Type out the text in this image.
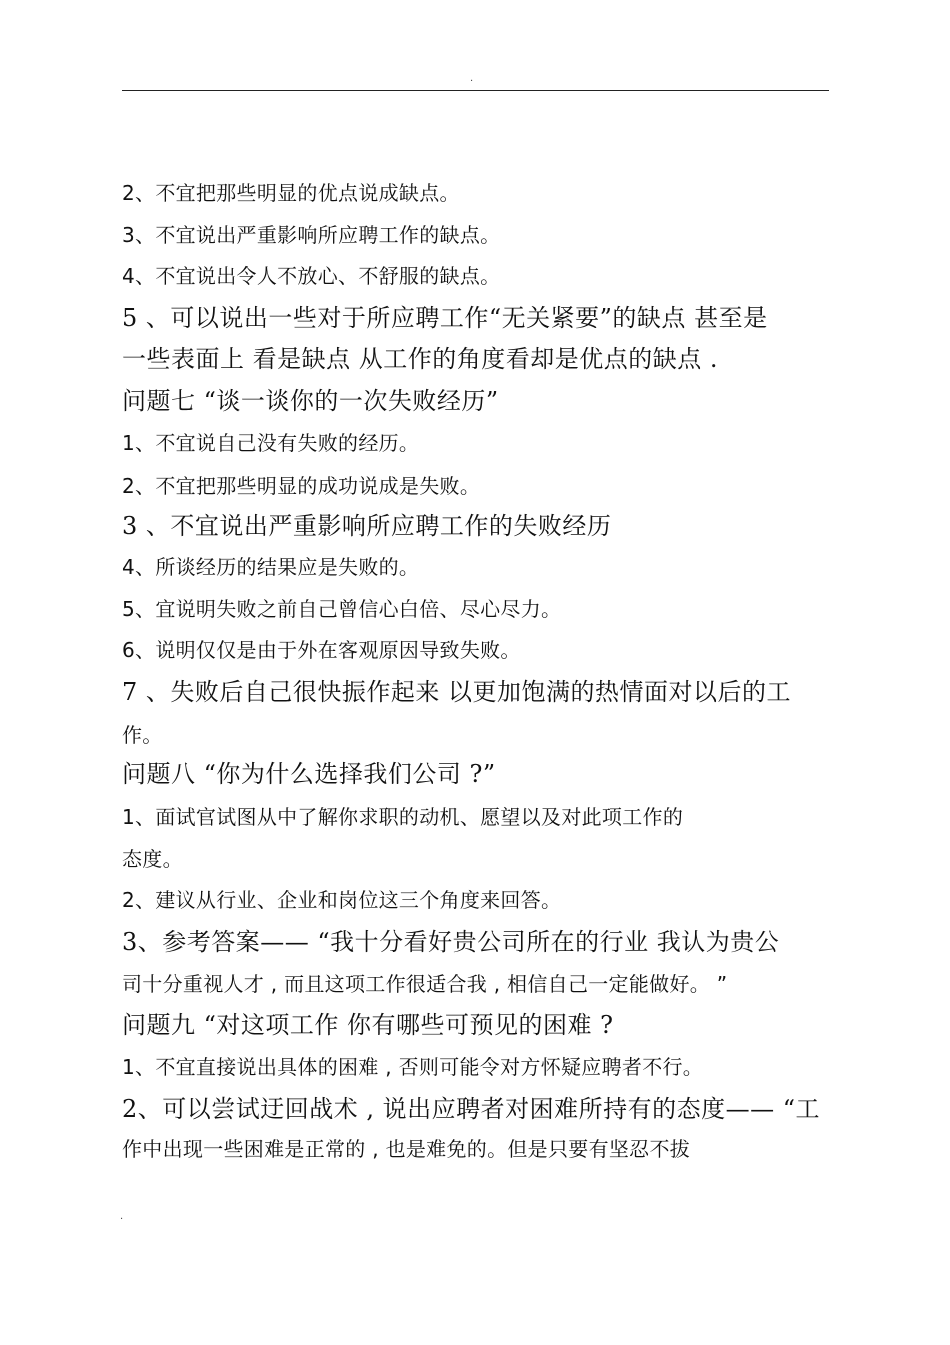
.
2、不宜把那些明显的优点说成缺点。
3、不宜说出严重影响所应聘工作的缺点。
4、不宜说出令人不放心、不舒服的缺点。
5 、可以说出一些对于所应聘工作“无关紧要”的缺点 甚至是
一些表面上 看是缺点 从工作的角度看却是优点的缺点 .
问题七 “谈一谈你的一次失败经历”
1、不宜说自己没有失败的经历。
2、不宜把那些明显的成功说成是失败。
3 、不宜说出严重影响所应聘工作的失败经历
4、所谈经历的结果应是失败的。
5、宜说明失败之前自己曾信心白倍、尽心尽力。
6、说明仅仅是由于外在客观原因导致失败。
7 、失败后自己很快振作起来 以更加饱满的热情面对以后的工
作。
问题八 “你为什么选择我们公司 ?”
1、面试官试图从中了解你求职的动机、愿望以及对此项工作的
态度。
2、建议从行业、企业和岗位这三个角度来回答。
3、参考答案—— “我十分看好贵公司所在的行业 我认为贵公
司十分重视人才 , 而且这项工作很适合我 , 相信自己一定能做好。 ”
问题九 “对这项工作 你有哪些可预见的困难 ?
1、不宜直接说出具体的困难 , 否则可能令对方怀疑应聘者不行。
2、可以尝试迂回战术 , 说出应聘者对困难所持有的态度—— “工
作中出现一些困难是正常的 , 也是难免的。但是只要有坚忍不拔
.
